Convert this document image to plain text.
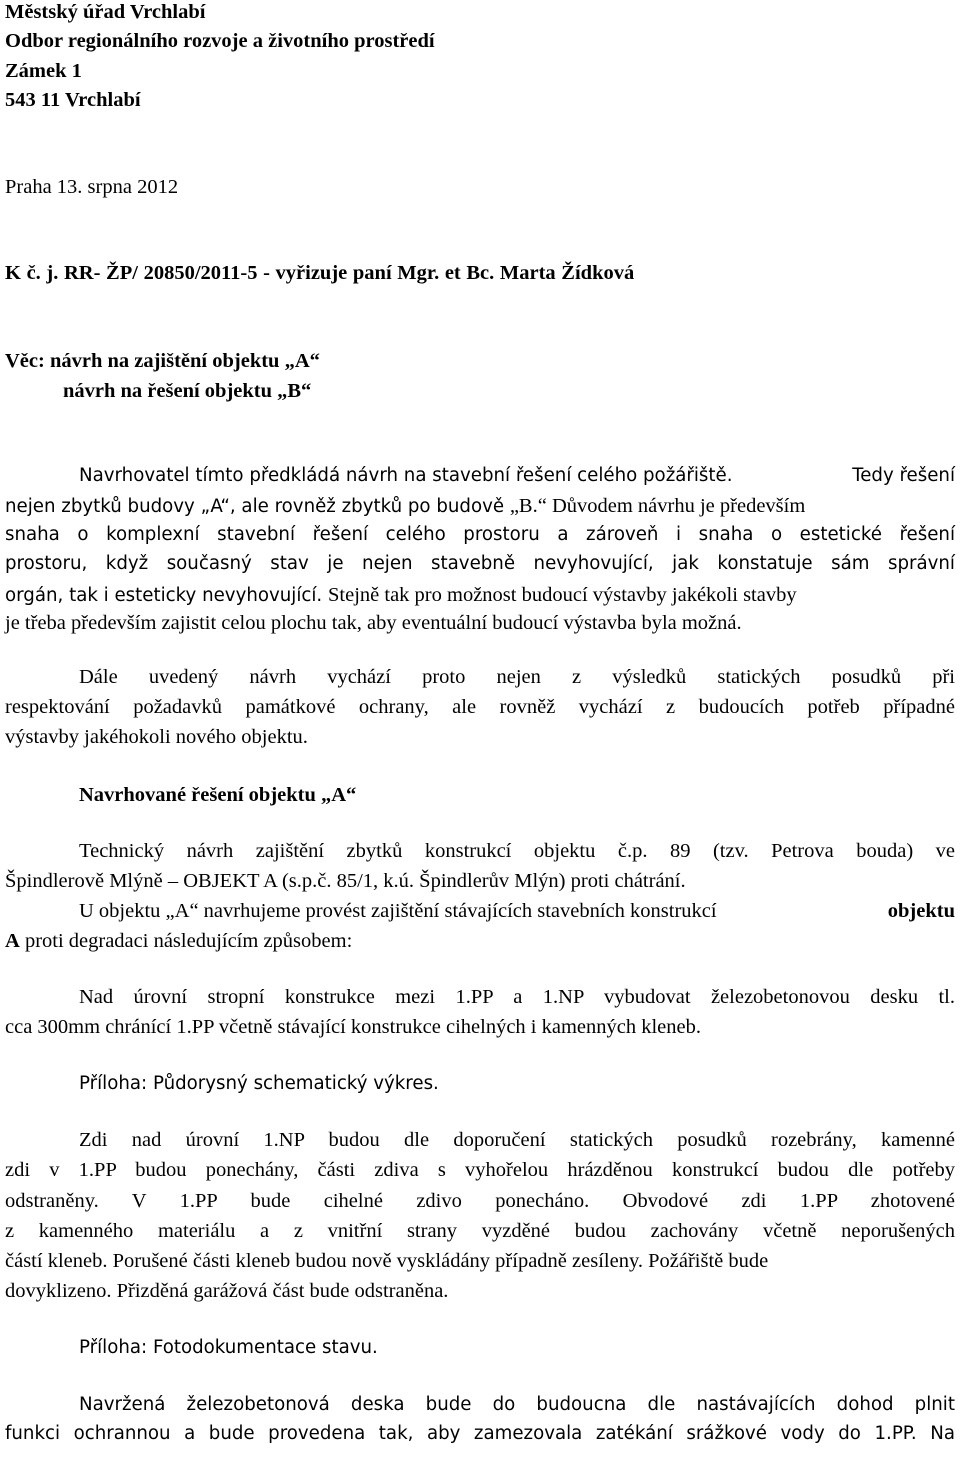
Městský úřad Vrchlabí
Odbor regionálního rozvoje a životního prostředí
Zámek 1
543 11 Vrchlabí
Praha 13. srpna 2012
K č. j. RR- ŽP/ 20850/2011-5 - vyřizuje paní Mgr. et Bc. Marta Žídková
Věc: návrh na zajištění objektu „A“
návrh na řešení objektu „B“
Navrhovatel tímto předkládá návrh na stavební řešení celého požářiště.	Tedy řešení
nejen zbytků budovy „A“, ale rovněž zbytků po budově „B.“ Důvodem návrhu je především
snaha o komplexní stavební řešení celého prostoru a zároveň i snaha o estetické řešení
prostoru, když současný stav je nejen stavebně nevyhovující, jak konstatuje sám správní
orgán, tak i esteticky nevyhovující. Stejně tak pro možnost budoucí výstavby jakékoli stavby
je třeba především zajistit celou plochu tak, aby eventuální budoucí výstavba byla možná.
Dále uvedený návrh vychází proto nejen z výsledků statických posudků při
respektování požadavků památkové ochrany, ale rovněž vychází z budoucích potřeb případné
výstavby jakéhokoli nového objektu.
Navrhované řešení objektu „A“
Technický návrh zajištění zbytků konstrukcí objektu č.p. 89 (tzv. Petrova bouda) ve
Špindlerově Mlýně – OBJEKT A (s.p.č. 85/1, k.ú. Špindlerův Mlýn) proti chátrání.
U objektu „A“ navrhujeme provést zajištění stávajících stavebních konstrukcí	objektu
A proti degradaci následujícím způsobem:
Nad úrovní stropní konstrukce mezi 1.PP a 1.NP vybudovat železobetonovou desku tl.
cca 300mm chránící 1.PP včetně stávající konstrukce cihelných i kamenných kleneb.
Příloha: Půdorysný schematický výkres.
Zdi nad úrovní 1.NP budou dle doporučení statických posudků rozebrány, kamenné
zdi v 1.PP budou ponechány, části zdiva s vyhořelou hrázděnou konstrukcí budou dle potřeby
odstraněny. V 1.PP bude cihelné zdivo ponecháno. Obvodové zdi 1.PP zhotovené
z kamenného materiálu a z vnitřní strany vyzděné budou zachovány včetně neporušených
částí kleneb. Porušené části kleneb budou nově vyskládány případně zesíleny. Požářiště bude
dovyklizeno. Přizděná garážová část bude odstraněna.
Příloha: Fotodokumentace stavu.
Navržená železobetonová deska bude do budoucna dle nastávajících dohod plnit
funkci ochrannou a bude provedena tak, aby zamezovala zatékání srážkové vody do 1.PP. Na
